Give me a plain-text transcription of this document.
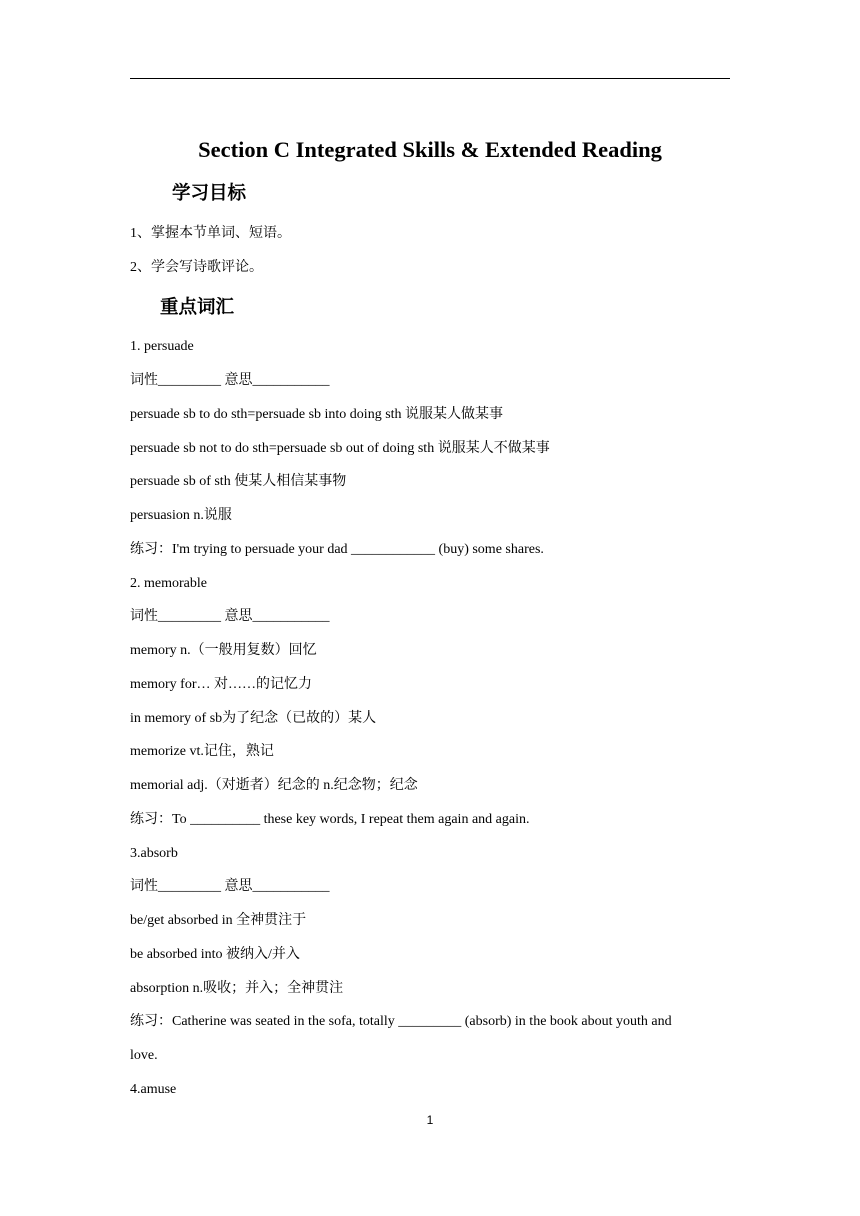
Section C Integrated Skills & Extended Reading
学习目标
1、掌握本节单词、短语。
2、学会写诗歌评论。
重点词汇
1. persuade
词性_________ 意思___________
persuade sb to do sth=persuade sb into doing sth 说服某人做某事
persuade sb not to do sth=persuade sb out of doing sth 说服某人不做某事
persuade sb of sth 使某人相信某事物
persuasion n.说服
练习：I'm trying to persuade your dad ____________ (buy) some shares.
2. memorable
词性_________ 意思___________
memory n.（一般用复数）回忆
memory for… 对……的记忆力
in memory of sb为了纪念（已故的）某人
memorize vt.记住，熟记
memorial adj.（对逝者）纪念的 n.纪念物；纪念
练习：To __________ these key words, I repeat them again and again.
3.absorb
词性_________ 意思___________
be/get absorbed in 全神贯注于
be absorbed into 被纳入/并入
absorption n.吸收；并入；全神贯注
练习：Catherine was seated in the sofa, totally _________ (absorb) in the book about youth and
love.
4.amuse
1
